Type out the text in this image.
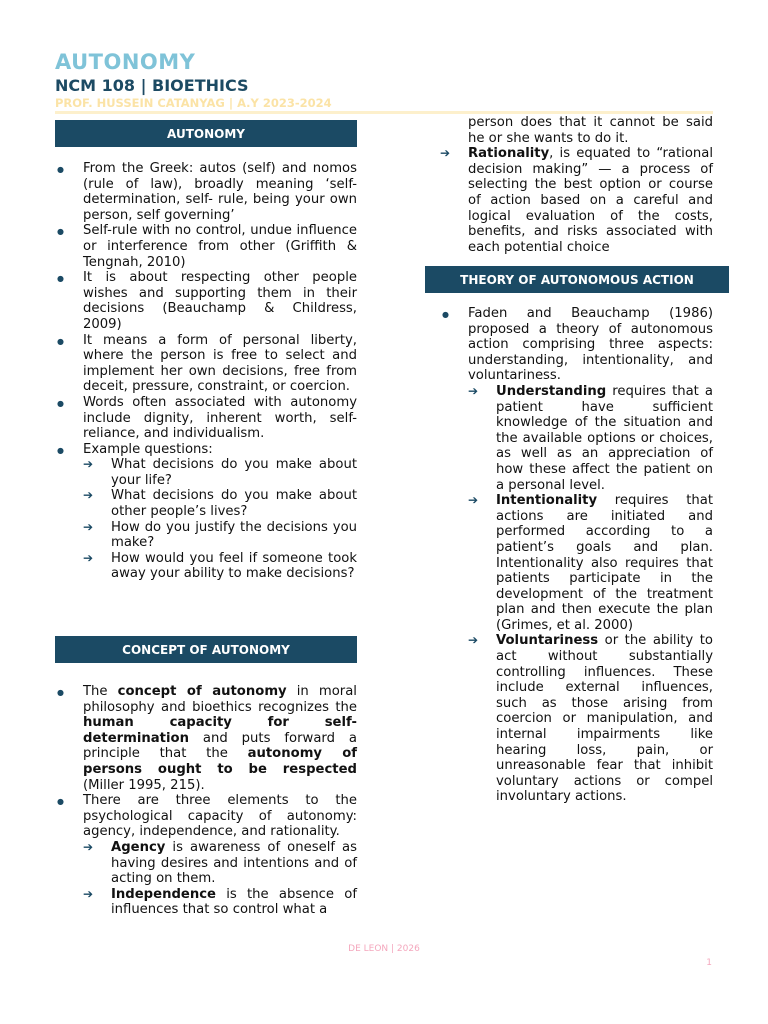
AUTONOMY
NCM 108 | BIOETHICS
PROF. HUSSEIN CATANYAG | A.Y 2023-2024
AUTONOMY

● From the Greek: autos (self) and nomos (rule of law), broadly meaning ‘self-determination, self- rule, being your own person, self governing’

● Self-rule with no control, undue influence or interference from other (Griffith & Tengnah, 2010)

● It is about respecting other people wishes and supporting them in their decisions (Beauchamp & Childress, 2009)

● It means a form of personal liberty, where the person is free to select and implement her own decisions, free from deceit, pressure, constraint, or coercion.

● Words often associated with autonomy include dignity, inherent worth, self-reliance, and individualism.

● Example questions:

➔ What decisions do you make about your life?

➔ What decisions do you make about other people’s lives?

➔ How do you justify the decisions you make?

➔ How would you feel if someone took away your ability to make decisions?

CONCEPT OF AUTONOMY

● The concept of autonomy in moral philosophy and bioethics recognizes the human capacity for self-determination and puts forward a principle that the autonomy of persons ought to be respected (Miller 1995, 215).

● There are three elements to the psychological capacity of autonomy: agency, independence, and rationality.

➔ Agency is awareness of oneself as having desires and intentions and of acting on them.

➔ Independence is the absence of influences that so control what a

person does that it cannot be said he or she wants to do it.

➔ Rationality, is equated to “rational decision making” — a process of selecting the best option or course of action based on a careful and logical evaluation of the costs, benefits, and risks associated with each potential choice

THEORY OF AUTONOMOUS ACTION

● Faden and Beauchamp (1986) proposed a theory of autonomous action comprising three aspects: understanding, intentionality, and voluntariness.

➔ Understanding requires that a patient have sufficient knowledge of the situation and the available options or choices, as well as an appreciation of how these affect the patient on a personal level.

➔ Intentionality requires that actions are initiated and performed according to a patient’s goals and plan. Intentionality also requires that patients participate in the development of the treatment plan and then execute the plan (Grimes, et al. 2000)

➔ Voluntariness or the ability to act without substantially controlling influences. These include external influences, such as those arising from coercion or manipulation, and internal impairments like hearing loss, pain, or unreasonable fear that inhibit voluntary actions or compel involuntary actions.

DE LEON | 2026
1
